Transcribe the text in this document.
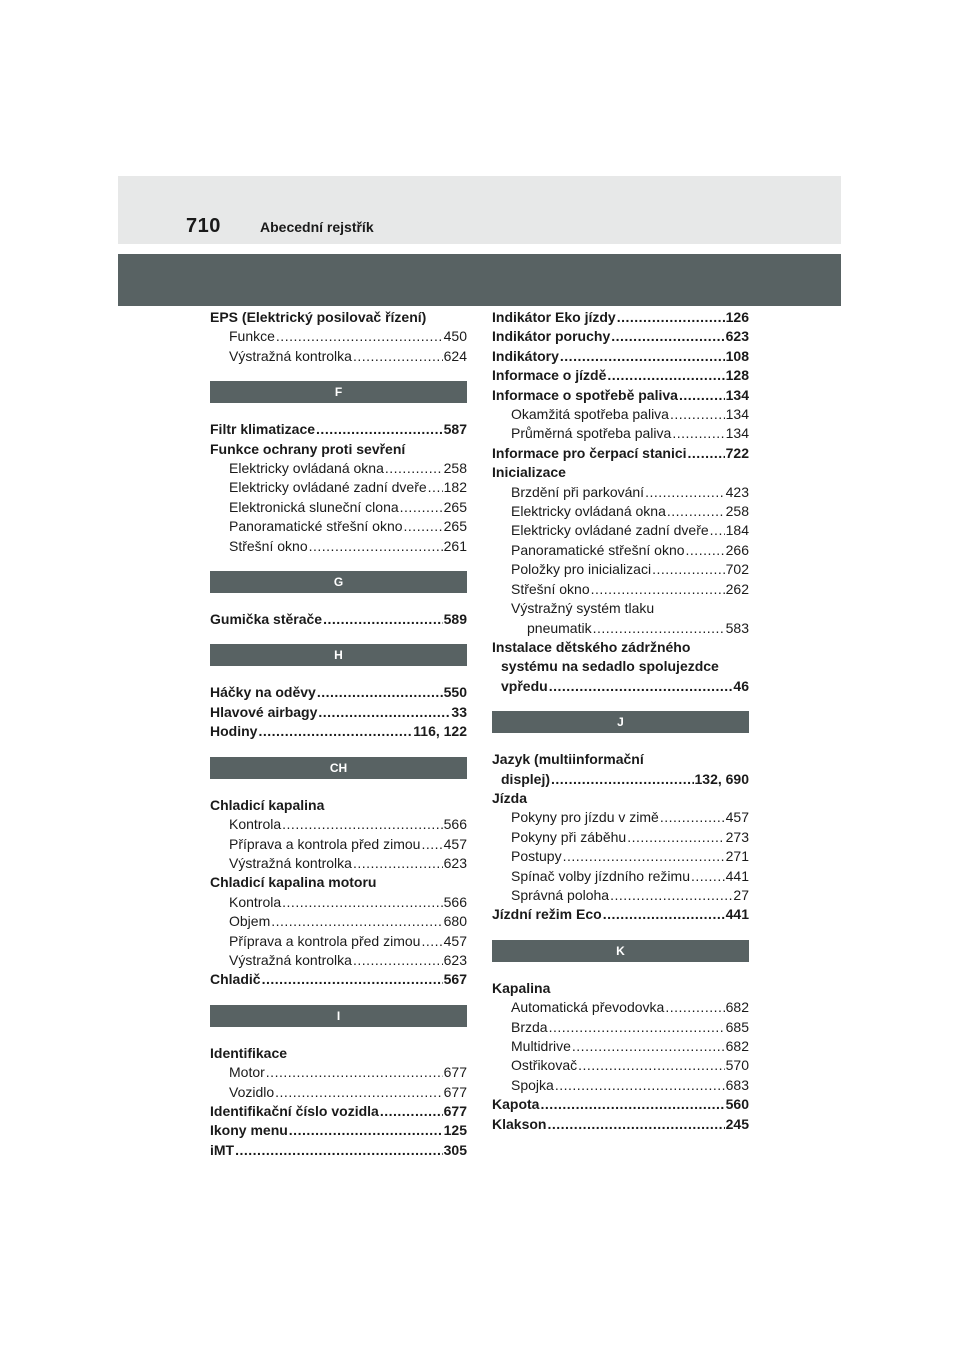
710	Abecední rejstřík
EPS (Elektrický posilovač řízení)
Funkce .....	450
Výstražná kontrolka .....	624
F
Filtr klimatizace .....	587
Funkce ochrany proti sevření
Elektricky ovládaná okna .....	258
Elektricky ovládané zadní dveře ..... 182
Elektronická sluneční clona .....	265
Panoramatické střešní okno .....	265
Střešní okno .....	261
G
Gumička stěrače .....	589
H
Háčky na oděvy .....	550
Hlavové airbagy .....	33
Hodiny .....	116, 122
CH
Chladicí kapalina
Kontrola .....	566
Příprava a kontrola před zimou ..... 457
Výstražná kontrolka .....	623
Chladicí kapalina motoru
Kontrola .....	566
Objem .....	680
Příprava a kontrola před zimou ..... 457
Výstražná kontrolka .....	623
Chladič .....	567
I
Identifikace
Motor .....	677
Vozidlo .....	677
Identifikační číslo vozidla .....	677
Ikony menu .....	125
iMT .....	305
Indikátor Eko jízdy .....	126
Indikátor poruchy .....	623
Indikátory .....	108
Informace o jízdě .....	128
Informace o spotřebě paliva .....	134
Okamžitá spotřeba paliva .....	134
Průměrná spotřeba paliva .....	134
Informace pro čerpací stanici .....	722
Inicializace
Brzdění při parkování .....	423
Elektricky ovládaná okna .....	258
Elektricky ovládané zadní dveře ..... 184
Panoramatické střešní okno .....	266
Položky pro inicializaci .....	702
Střešní okno .....	262
Výstražný systém tlaku
pneumatik .....	583
Instalace dětského zádržného
systému na sedadlo spolujezdce
vpředu .....	46
J
Jazyk (multiinformační
displej) .....	132, 690
Jízda
Pokyny pro jízdu v zimě .....	457
Pokyny při záběhu .....	273
Postupy .....	271
Spínač volby jízdního režimu .....	441
Správná poloha .....	27
Jízdní režim Eco .....	441
K
Kapalina
Automatická převodovka .....	682
Brzda .....	685
Multidrive .....	682
Ostřikovač .....	570
Spojka .....	683
Kapota .....	560
Klakson .....	245
